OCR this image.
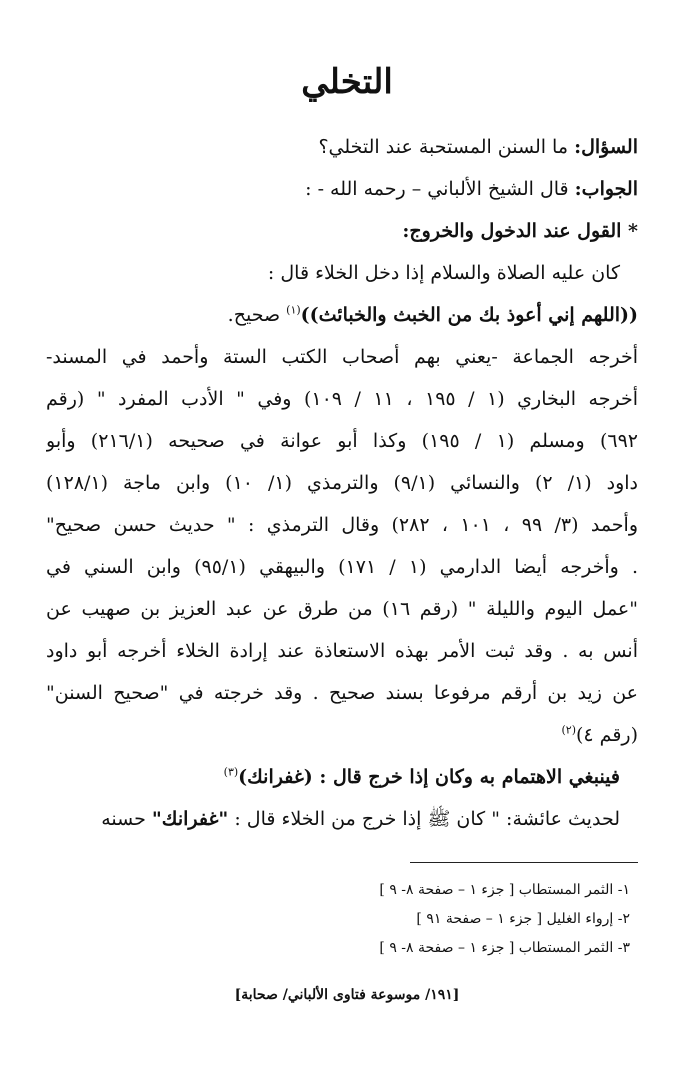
التخلي
السؤال: ما السنن المستحبة عند التخلي؟
الجواب: قال الشيخ الألباني – رحمه الله - :
* القول عند الدخول والخروج:
كان عليه الصلاة والسلام إذا دخل الخلاء قال :
((اللهم إني أعوذ بك من الخبث والخبائث))$^{(١)}$ صحيح.
أخرجه الجماعة -يعني بهم أصحاب الكتب الستة وأحمد في المسند-
أخرجه البخاري (١ / ١٩٥ ، ١١ / ١٠٩) وفي " الأدب المفرد " (رقم
٦٩٢) ومسلم (١ / ١٩٥) وكذا أبو عوانة في صحيحه (٢١٦/١) وأبو
داود (١/ ٢) والنسائي (٩/١) والترمذي (١/ ١٠) وابن ماجة (١٢٨/١)
وأحمد (٣/ ٩٩ ، ١٠١ ، ٢٨٢) وقال الترمذي : " حديث حسن صحيح"
. وأخرجه أيضا الدارمي (١ / ١٧١) والبيهقي (٩٥/١) وابن السني في
"عمل اليوم والليلة " (رقم ١٦) من طرق عن عبد العزيز بن صهيب عن
أنس به . وقد ثبت الأمر بهذه الاستعاذة عند إرادة الخلاء أخرجه أبو داود
عن زيد بن أرقم مرفوعا بسند صحيح . وقد خرجته في "صحيح السنن"
(رقم ٤)$^{(٢)}$
فينبغي الاهتمام به وكان إذا خرج قال : (غفرانك)$^{(٣)}$
لحديث عائشة: " كان ﷺ إذا خرج من الخلاء قال : "غفرانك" حسنه
١- الثمر المستطاب [ جزء ١ – صفحة ٨- ٩ ]
٢- إرواء الغليل [ جزء ١ – صفحة ٩١ ]
٣- الثمر المستطاب [ جزء ١ – صفحة ٨- ٩ ]
[١٩١/ موسوعة فتاوى الألباني/ صحابة]
